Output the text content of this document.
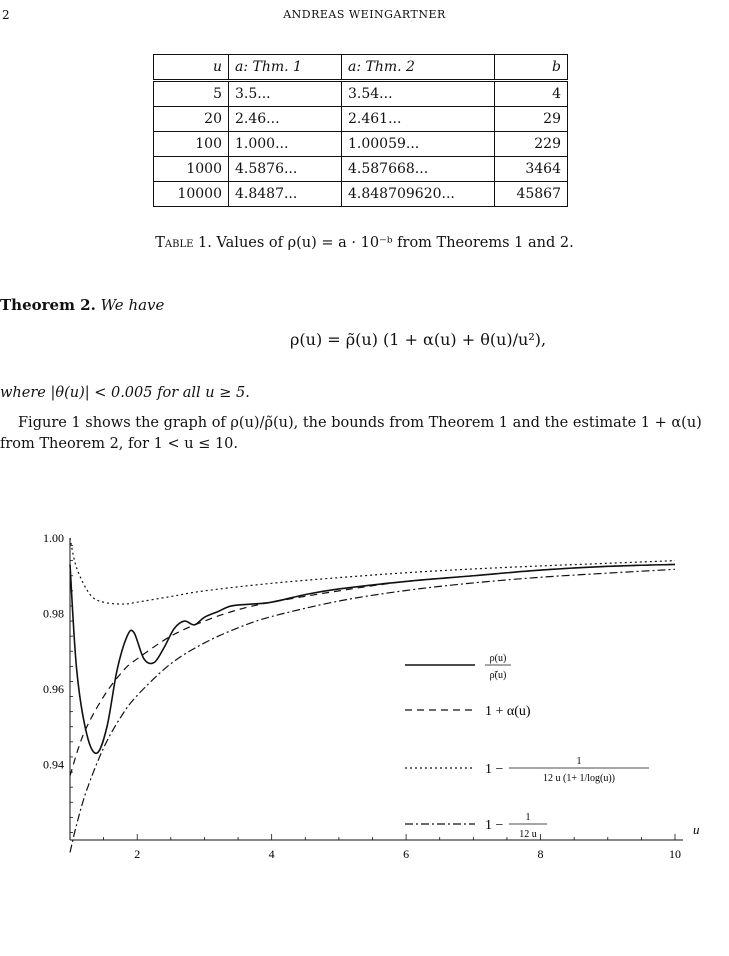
2	ANDREAS WEINGARTNER
u	a: Thm. 1	a: Thm. 2	b
5	3.5...	3.54...	4
20	2.46...	2.461...	29
100	1.000...	1.00059...	229
1000	4.5876...	4.587668...	3464
10000	4.8487...	4.848709620...	45867
Table 1. Values of ρ(u) = a · 10⁻ᵇ from Theorems 1 and 2.
Theorem 2. We have
ρ(u) = ρ̃(u) (1 + α(u) + θ(u)/u²),
where |θ(u)| < 0.005 for all u ≥ 5.

Figure 1 shows the graph of ρ(u)/ρ̃(u), the bounds from Theorem 1 and the estimate 1 + α(u) from Theorem 2, for 1 < u ≤ 10.

0.94
0.96
0.98
1.00
2	4	6	8	10
u
ρ(u)
ρ̃(u)
1 + α(u)
1 −
1
12 u (1+ 1/log(u))
1 −
1
12 u
